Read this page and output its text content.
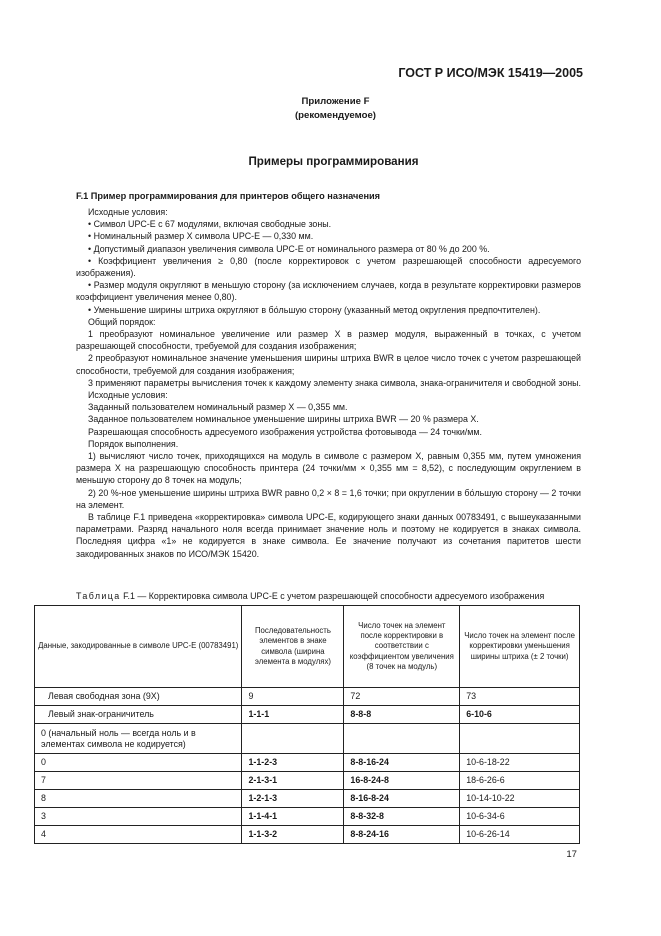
ГОСТ Р ИСО/МЭК 15419—2005
Приложение F
(рекомендуемое)
Примеры программирования
F.1 Пример программирования для принтеров общего назначения

Исходные условия:

• Символ UPC-E с 67 модулями, включая свободные зоны.

• Номинальный размер X символа UPC-E — 0,330 мм.

• Допустимый диапазон увеличения символа UPC-E от номинального размера от 80 % до 200 %.

• Коэффициент увеличения ≥ 0,80 (после корректировок с учетом разрешающей способности адресуемого изображения).

• Размер модуля округляют в меньшую сторону (за исключением случаев, когда в результате корректировки размеров коэффициент увеличения менее 0,80).

• Уменьшение ширины штриха округляют в бо́льшую сторону (указанный метод округления предпочтителен).

Общий порядок:

1 преобразуют номинальное увеличение или размер X в размер модуля, выраженный в точках, с учетом разрешающей способности, требуемой для создания изображения;

2 преобразуют номинальное значение уменьшения ширины штриха BWR в целое число точек с учетом разрешающей способности, требуемой для создания изображения;

3 применяют параметры вычисления точек к каждому элементу знака символа, знака-ограничителя и свободной зоны.

Исходные условия:

Заданный пользователем номинальный размер X — 0,355 мм.

Заданное пользователем номинальное уменьшение ширины штриха BWR — 20 % размера X.

Разрешающая способность адресуемого изображения устройства фотовывода — 24 точки/мм.

Порядок выполнения.

1) вычисляют число точек, приходящихся на модуль в символе с размером X, равным 0,355 мм, путем умножения размера X на разрешающую способность принтера (24 точки/мм × 0,355 мм = 8,52), с последующим округлением в меньшую сторону до 8 точек на модуль;

2) 20 %-ное уменьшение ширины штриха BWR равно 0,2 × 8 = 1,6 точки; при округлении в бо́льшую сторону — 2 точки на элемент.

В таблице F.1 приведена «корректировка» символа UPC-E, кодирующего знаки данных 00783491, с вышеуказанными параметрами. Разряд начального ноля всегда принимает значение ноль и поэтому не кодируется в знаках символа. Последняя цифра «1» не кодируется в знаке символа. Ее значение получают из сочетания паритетов шести закодированных знаков по ИСО/МЭК 15420.

Таблица F.1 — Корректировка символа UPC-E с учетом разрешающей способности адресуемого изображения
Данные, закодированные в символе UPC-E (00783491)	Последовательность элементов в знаке символа (ширина элемента в модулях)	Число точек на элемент после корректировки в соответствии с коэффициентом увеличения (8 точек на модуль)	Число точек на элемент после корректировки уменьшения ширины штриха (± 2 точки)
Левая свободная зона (9X)	9	72	73
Левый знак-ограничитель	1-1-1	8-8-8	6-10-6
0 (начальный ноль — всегда ноль и в элементах символа не кодируется)			
0	1-1-2-3	8-8-16-24	10-6-18-22
7	2-1-3-1	16-8-24-8	18-6-26-6
8	1-2-1-3	8-16-8-24	10-14-10-22
3	1-1-4-1	8-8-32-8	10-6-34-6
4	1-1-3-2	8-8-24-16	10-6-26-14
17
